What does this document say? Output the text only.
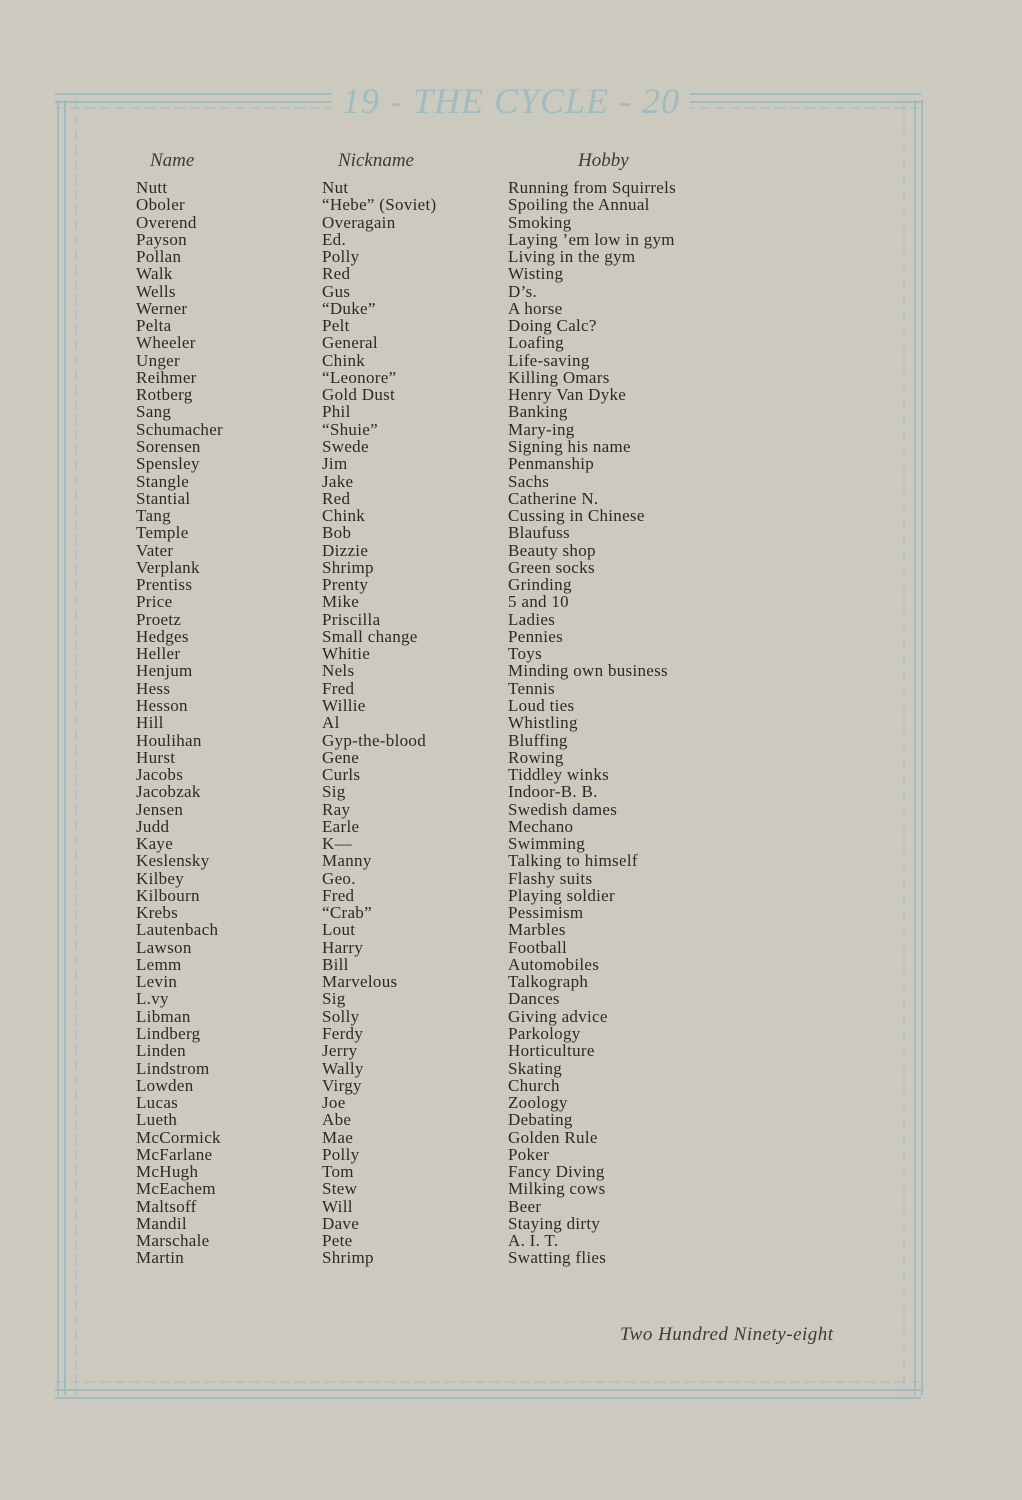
19 - THE CYCLE - 20
Name	Nickname	Hobby
Nutt
Oboler
Overend
Payson
Pollan
Walk
Wells
Werner
Pelta
Wheeler
Unger
Reihmer
Rotberg
Sang
Schumacher
Sorensen
Spensley
Stangle
Stantial
Tang
Temple
Vater
Verplank
Prentiss
Price
Proetz
Hedges
Heller
Henjum
Hess
Hesson
Hill
Houlihan
Hurst
Jacobs
Jacobzak
Jensen
Judd
Kaye
Keslensky
Kilbey
Kilbourn
Krebs
Lautenbach
Lawson
Lemm
Levin
L.vy
Libman
Lindberg
Linden
Lindstrom
Lowden
Lucas
Lueth
McCormick
McFarlane
McHugh
McEachem
Maltsoff
Mandil
Marschale
Martin
Nut
“Hebe” (Soviet)
Overagain
Ed.
Polly
Red
Gus
“Duke”
Pelt
General
Chink
“Leonore”
Gold Dust
Phil
“Shuie”
Swede
Jim
Jake
Red
Chink
Bob
Dizzie
Shrimp
Prenty
Mike
Priscilla
Small change
Whitie
Nels
Fred
Willie
Al
Gyp-the-blood
Gene
Curls
Sig
Ray
Earle
K—
Manny
Geo.
Fred
“Crab”
Lout
Harry
Bill
Marvelous
Sig
Solly
Ferdy
Jerry
Wally
Virgy
Joe
Abe
Mae
Polly
Tom
Stew
Will
Dave
Pete
Shrimp
Running from Squirrels
Spoiling the Annual
Smoking
Laying ’em low in gym
Living in the gym
Wisting
D’s.
A horse
Doing Calc?
Loafing
Life-saving
Killing Omars
Henry Van Dyke
Banking
Mary-ing
Signing his name
Penmanship
Sachs
Catherine N.
Cussing in Chinese
Blaufuss
Beauty shop
Green socks
Grinding
5 and 10
Ladies
Pennies
Toys
Minding own business
Tennis
Loud ties
Whistling
Bluffing
Rowing
Tiddley winks
Indoor-B. B.
Swedish dames
Mechano
Swimming
Talking to himself
Flashy suits
Playing soldier
Pessimism
Marbles
Football
Automobiles
Talkograph
Dances
Giving advice
Parkology
Horticulture
Skating
Church
Zoology
Debating
Golden Rule
Poker
Fancy Diving
Milking cows
Beer
Staying dirty
A. I. T.
Swatting flies
Two Hundred Ninety-eight
